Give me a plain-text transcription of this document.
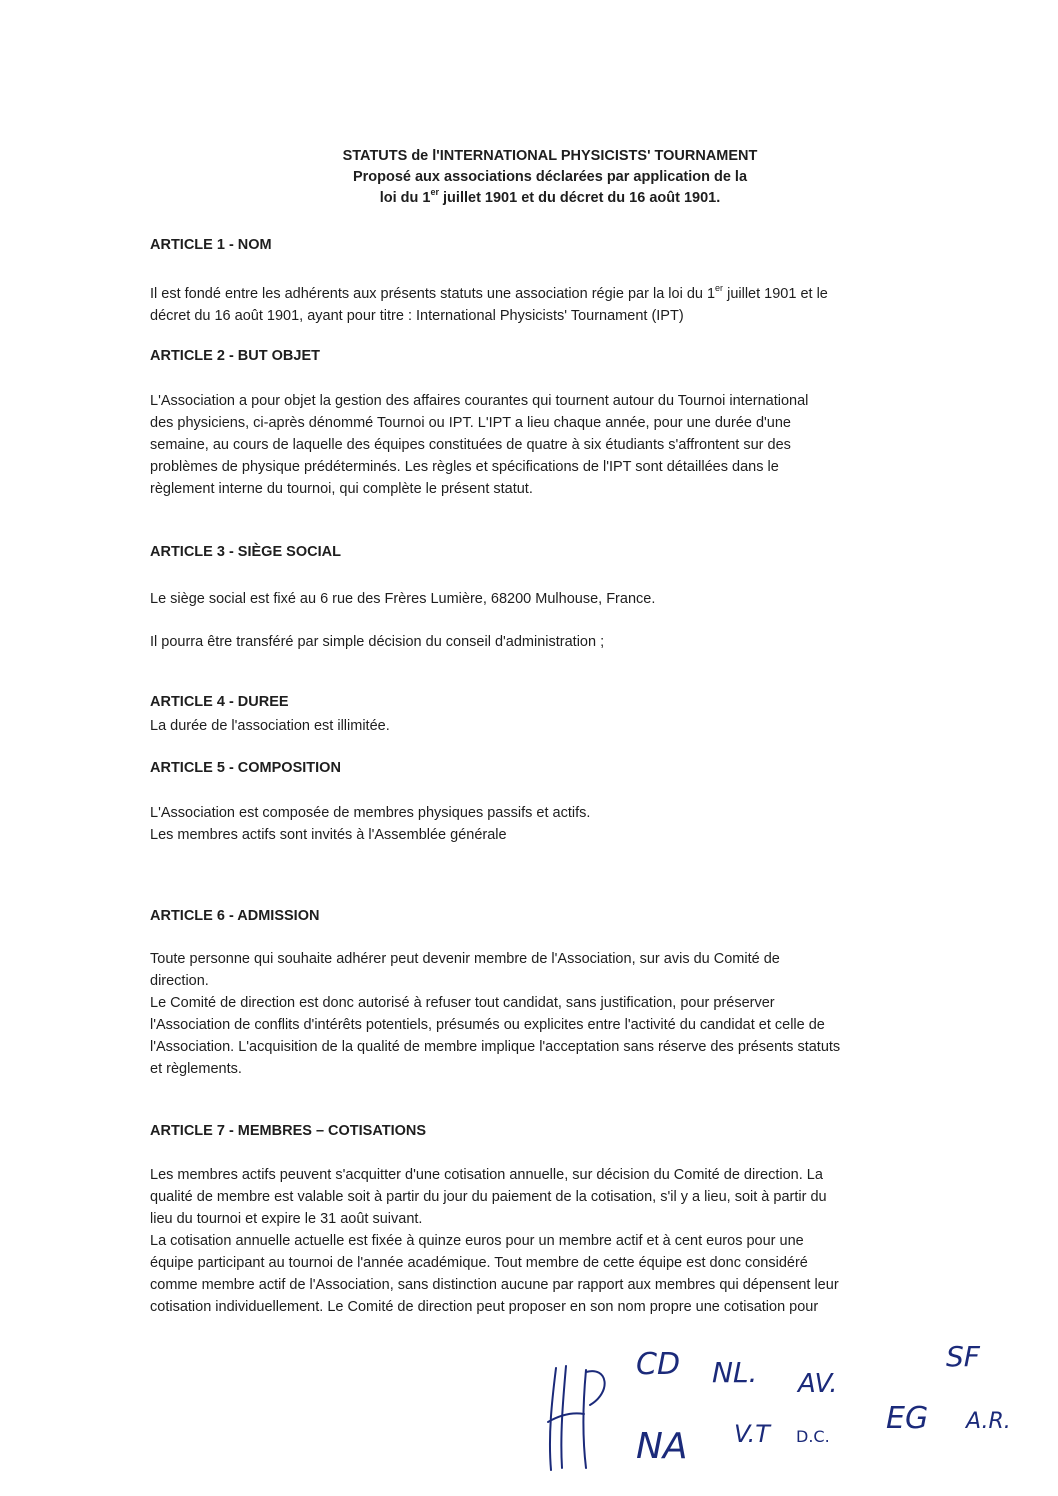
STATUTS de l'INTERNATIONAL PHYSICISTS' TOURNAMENT
Proposé aux associations déclarées par application de la
loi du 1er juillet 1901 et du décret du 16 août 1901.
ARTICLE 1 - NOM
Il est fondé entre les adhérents aux présents statuts une association régie par la loi du 1er juillet 1901 et le
décret du 16 août 1901, ayant pour titre : International Physicists' Tournament (IPT)
ARTICLE 2 - BUT OBJET
L'Association a pour objet la gestion des affaires courantes qui tournent autour du Tournoi international
des physiciens, ci-après dénommé Tournoi ou IPT. L'IPT a lieu chaque année, pour une durée d'une
semaine, au cours de laquelle des équipes constituées de quatre à six étudiants s'affrontent sur des
problèmes de physique prédéterminés. Les règles et spécifications de l'IPT sont détaillées dans le
règlement interne du tournoi, qui complète le présent statut.
ARTICLE 3 - SIÈGE SOCIAL
Le siège social est fixé au 6 rue des Frères Lumière, 68200 Mulhouse, France.
Il pourra être transféré par simple décision du conseil d'administration ;
ARTICLE 4 - DUREE
La durée de l'association est illimitée.
ARTICLE 5 - COMPOSITION
L'Association est composée de membres physiques passifs et actifs.
Les membres actifs sont invités à l'Assemblée générale
ARTICLE 6 - ADMISSION
Toute personne qui souhaite adhérer peut devenir membre de l'Association, sur avis du Comité de
direction.
Le Comité de direction est donc autorisé à refuser tout candidat, sans justification, pour préserver
l'Association de conflits d'intérêts potentiels, présumés ou explicites entre l'activité du candidat et celle de
l'Association. L'acquisition de la qualité de membre implique l'acceptation sans réserve des présents statuts
et règlements.
ARTICLE 7 - MEMBRES – COTISATIONS
Les membres actifs peuvent s'acquitter d'une cotisation annuelle, sur décision du Comité de direction. La
qualité de membre est valable soit à partir du jour du paiement de la cotisation, s'il y a lieu, soit à partir du
lieu du tournoi et expire le 31 août suivant.
La cotisation annuelle actuelle est fixée à quinze euros pour un membre actif et à cent euros pour une
équipe participant au tournoi de l'année académique. Tout membre de cette équipe est donc considéré
comme membre actif de l'Association, sans distinction aucune par rapport aux membres qui dépensent leur
cotisation individuellement. Le Comité de direction peut proposer en son nom propre une cotisation pour
CD NL. AV.
SF
NA V.T	EG A.R.
D.C.
